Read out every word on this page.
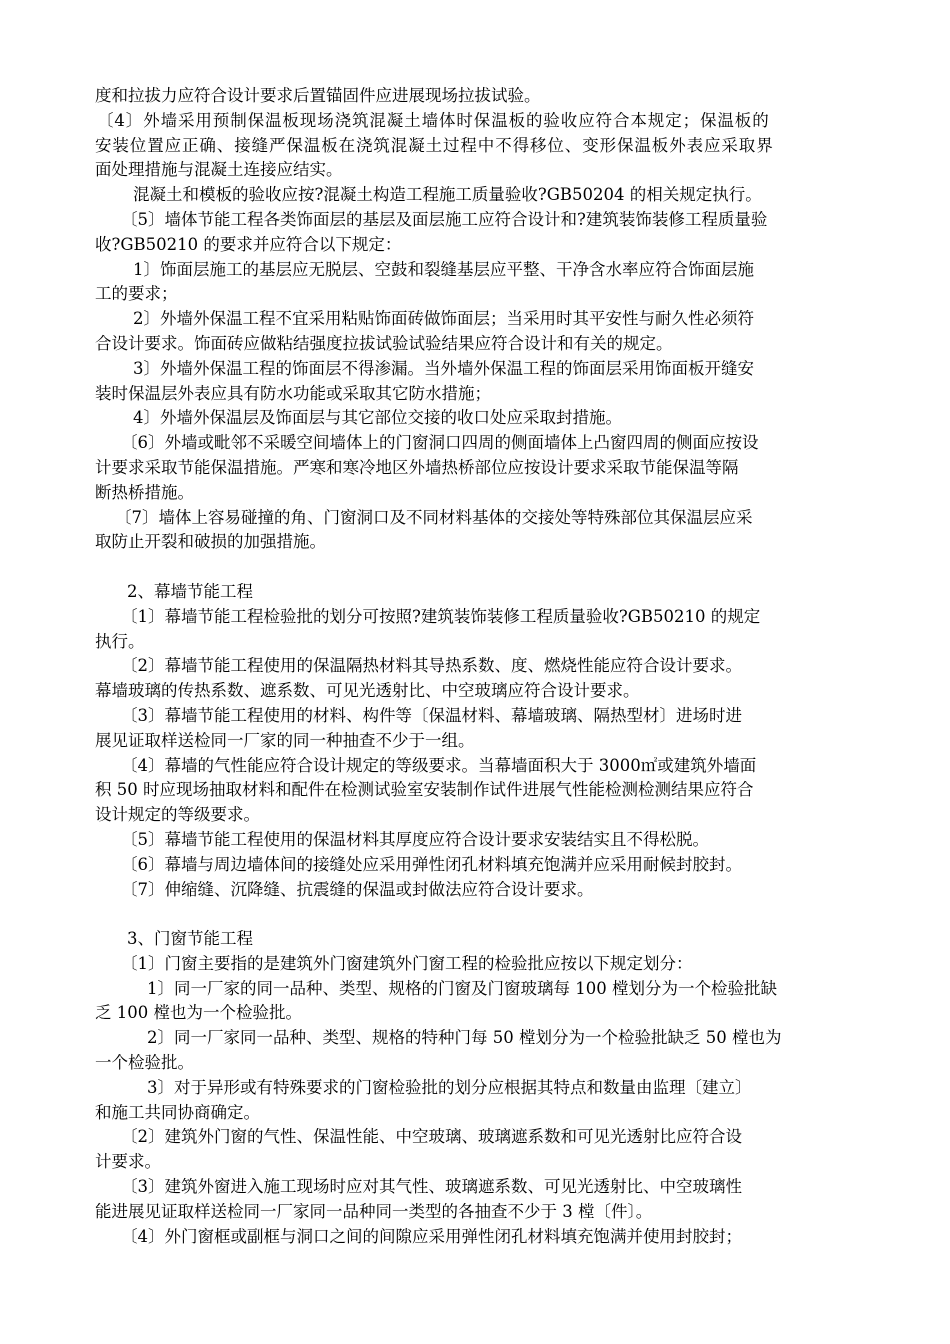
度和拉拔力应符合设计要求后置锚固件应进展现场拉拔试验。
〔4〕外墙采用预制保温板现场浇筑混凝土墙体时保温板的验收应符合本规定；保温板的
安装位置应正确、接缝严保温板在浇筑混凝土过程中不得移位、变形保温板外表应采取界
面处理措施与混凝土连接应结实。
混凝土和模板的验收应按?混凝土构造工程施工质量验收?GB50204 的相关规定执行。
〔5〕墙体节能工程各类饰面层的基层及面层施工应符合设计和?建筑装饰装修工程质量验
收?GB50210 的要求并应符合以下规定：
1〕饰面层施工的基层应无脱层、空鼓和裂缝基层应平整、干净含水率应符合饰面层施
工的要求；
2〕外墙外保温工程不宜采用粘贴饰面砖做饰面层；当采用时其平安性与耐久性必须符
合设计要求。饰面砖应做粘结强度拉拔试验试验结果应符合设计和有关的规定。
3〕外墙外保温工程的饰面层不得渗漏。当外墙外保温工程的饰面层采用饰面板开缝安
装时保温层外表应具有防水功能或采取其它防水措施；
4〕外墙外保温层及饰面层与其它部位交接的收口处应采取封措施。
〔6〕外墙或毗邻不采暖空间墙体上的门窗洞口四周的侧面墙体上凸窗四周的侧面应按设
计要求采取节能保温措施。严寒和寒冷地区外墙热桥部位应按设计要求采取节能保温等隔
断热桥措施。
〔7〕墙体上容易碰撞的角、门窗洞口及不同材料基体的交接处等特殊部位其保温层应采
取防止开裂和破损的加强措施。
2、幕墙节能工程
〔1〕幕墙节能工程检验批的划分可按照?建筑装饰装修工程质量验收?GB50210 的规定
执行。
〔2〕幕墙节能工程使用的保温隔热材料其导热系数、度、燃烧性能应符合设计要求。
幕墙玻璃的传热系数、遮系数、可见光透射比、中空玻璃应符合设计要求。
〔3〕幕墙节能工程使用的材料、构件等〔保温材料、幕墙玻璃、隔热型材〕进场时进
展见证取样送检同一厂家的同一种抽查不少于一组。
〔4〕幕墙的气性能应符合设计规定的等级要求。当幕墙面积大于 3000㎡或建筑外墙面
积 50 时应现场抽取材料和配件在检测试验室安装制作试件进展气性能检测检测结果应符合
设计规定的等级要求。
〔5〕幕墙节能工程使用的保温材料其厚度应符合设计要求安装结实且不得松脱。
〔6〕幕墙与周边墙体间的接缝处应采用弹性闭孔材料填充饱满并应采用耐候封胶封。
〔7〕伸缩缝、沉降缝、抗震缝的保温或封做法应符合设计要求。
3、门窗节能工程
〔1〕门窗主要指的是建筑外门窗建筑外门窗工程的检验批应按以下规定划分：
1〕同一厂家的同一品种、类型、规格的门窗及门窗玻璃每 100 樘划分为一个检验批缺
乏 100 樘也为一个检验批。
2〕同一厂家同一品种、类型、规格的特种门每 50 樘划分为一个检验批缺乏 50 樘也为
一个检验批。
3〕对于异形或有特殊要求的门窗检验批的划分应根据其特点和数量由监理〔建立〕
和施工共同协商确定。
〔2〕建筑外门窗的气性、保温性能、中空玻璃、玻璃遮系数和可见光透射比应符合设
计要求。
〔3〕建筑外窗进入施工现场时应对其气性、玻璃遮系数、可见光透射比、中空玻璃性
能进展见证取样送检同一厂家同一品种同一类型的各抽查不少于 3 樘〔件〕。
〔4〕外门窗框或副框与洞口之间的间隙应采用弹性闭孔材料填充饱满并使用封胶封；
